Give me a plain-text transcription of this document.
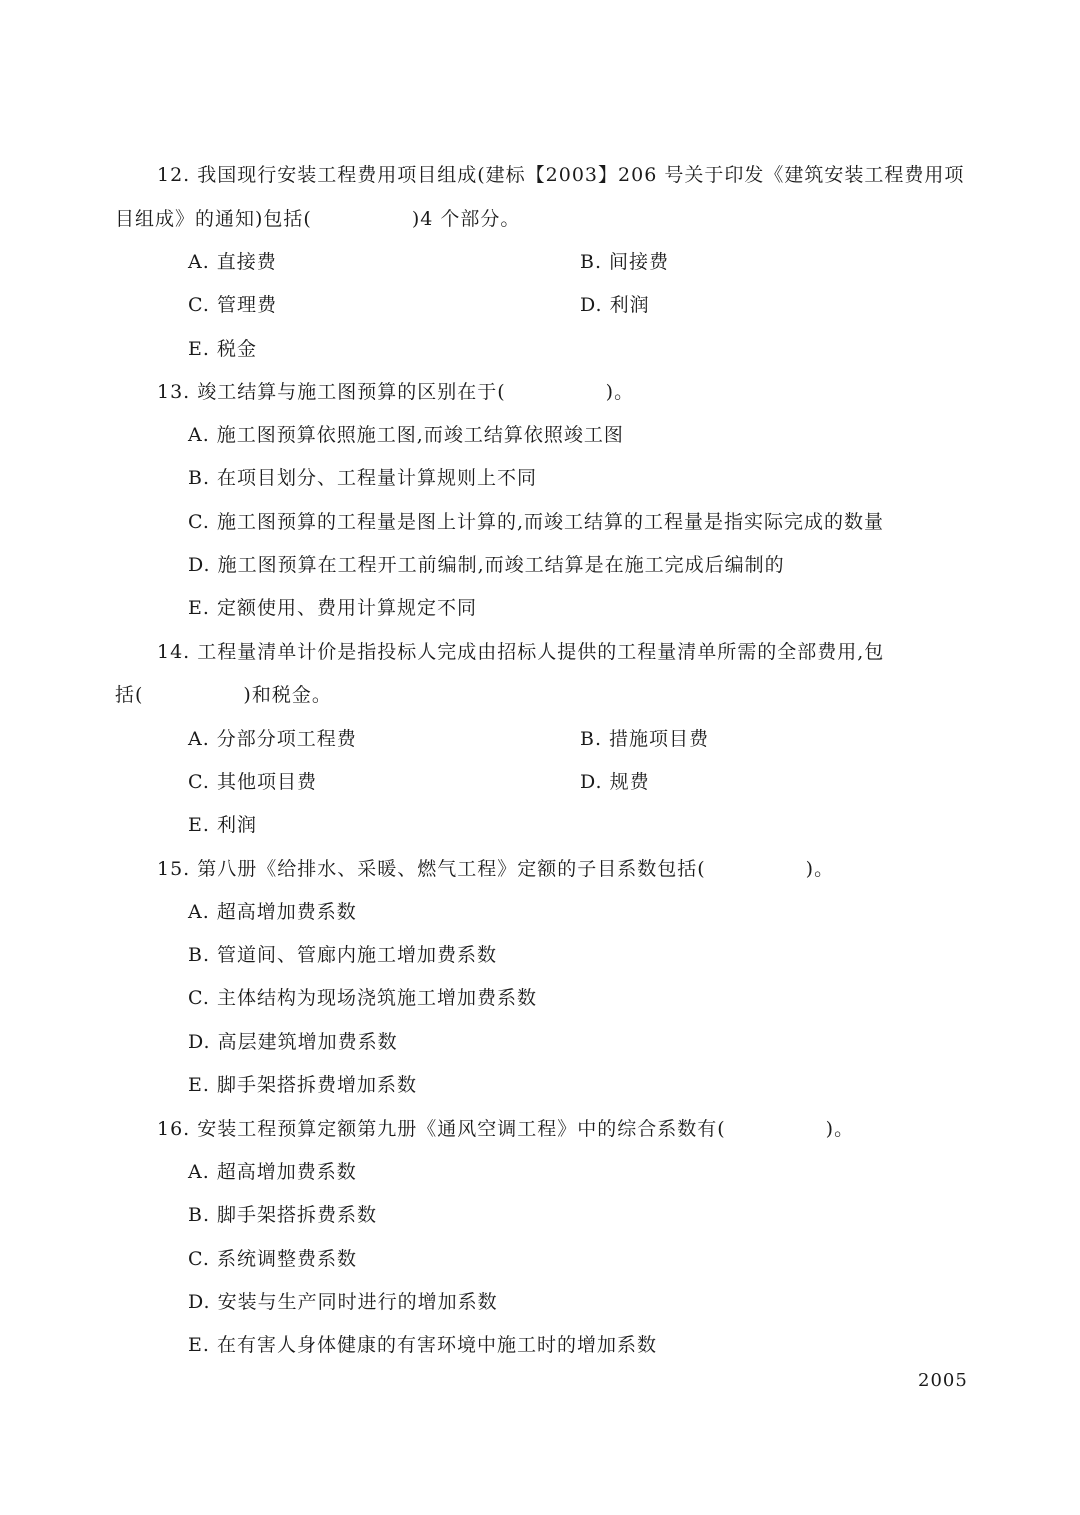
12. 我国现行安装工程费用项目组成(建标【2003】206 号关于印发《建筑安装工程费用项
目组成》的通知)包括(　　　　　)4 个部分。
A. 直接费	B. 间接费
C. 管理费	D. 利润
E. 税金
13. 竣工结算与施工图预算的区别在于(　　　　　)。
A. 施工图预算依照施工图,而竣工结算依照竣工图
B. 在项目划分、工程量计算规则上不同
C. 施工图预算的工程量是图上计算的,而竣工结算的工程量是指实际完成的数量
D. 施工图预算在工程开工前编制,而竣工结算是在施工完成后编制的
E. 定额使用、费用计算规定不同
14. 工程量清单计价是指投标人完成由招标人提供的工程量清单所需的全部费用,包
括(　　　　　)和税金。
A. 分部分项工程费	B. 措施项目费
C. 其他项目费	D. 规费
E. 利润
15. 第八册《给排水、采暖、燃气工程》定额的子目系数包括(　　　　　)。
A. 超高增加费系数
B. 管道间、管廊内施工增加费系数
C. 主体结构为现场浇筑施工增加费系数
D. 高层建筑增加费系数
E. 脚手架搭拆费增加系数
16. 安装工程预算定额第九册《通风空调工程》中的综合系数有(　　　　　)。
A. 超高增加费系数
B. 脚手架搭拆费系数
C. 系统调整费系数
D. 安装与生产同时进行的增加系数
E. 在有害人身体健康的有害环境中施工时的增加系数
2005
